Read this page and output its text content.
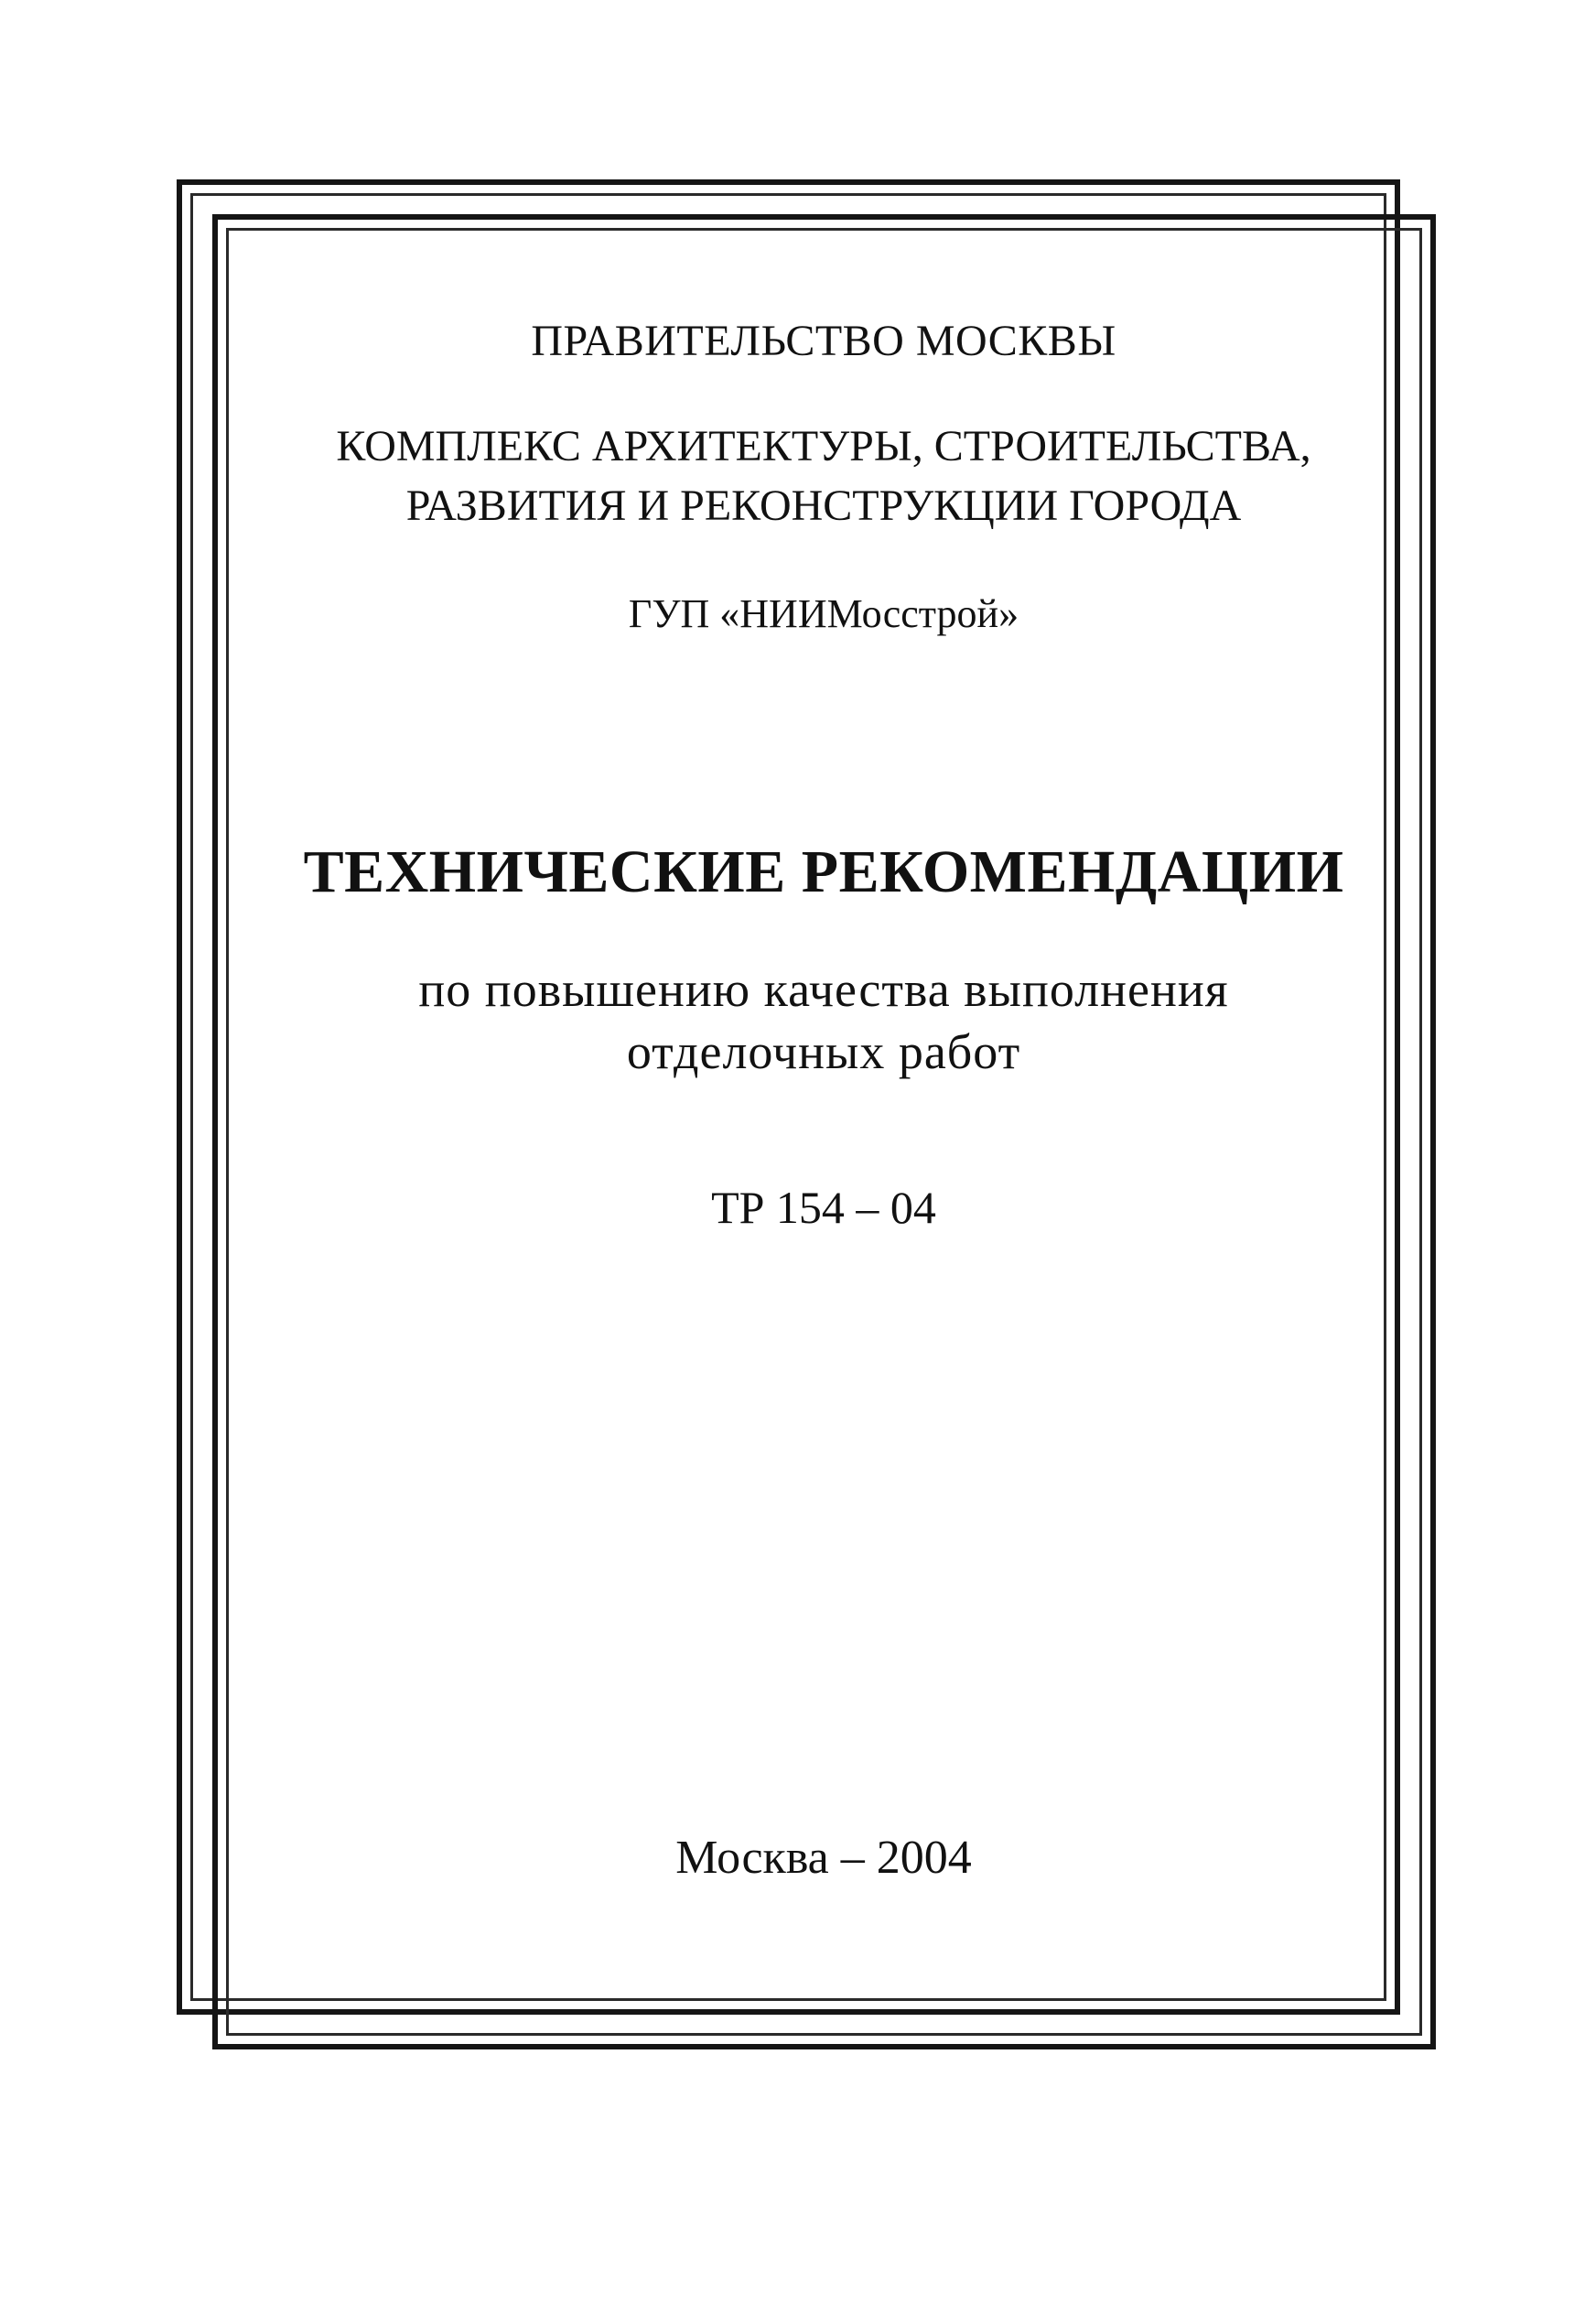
ПРАВИТЕЛЬСТВО МОСКВЫ
КОМПЛЕКС АРХИТЕКТУРЫ, СТРОИТЕЛЬСТВА,
РАЗВИТИЯ И РЕКОНСТРУКЦИИ ГОРОДА
ГУП «НИИМосстрой»
ТЕХНИЧЕСКИЕ РЕКОМЕНДАЦИИ
по повышению качества выполнения
отделочных работ
ТР 154 – 04
Москва – 2004
